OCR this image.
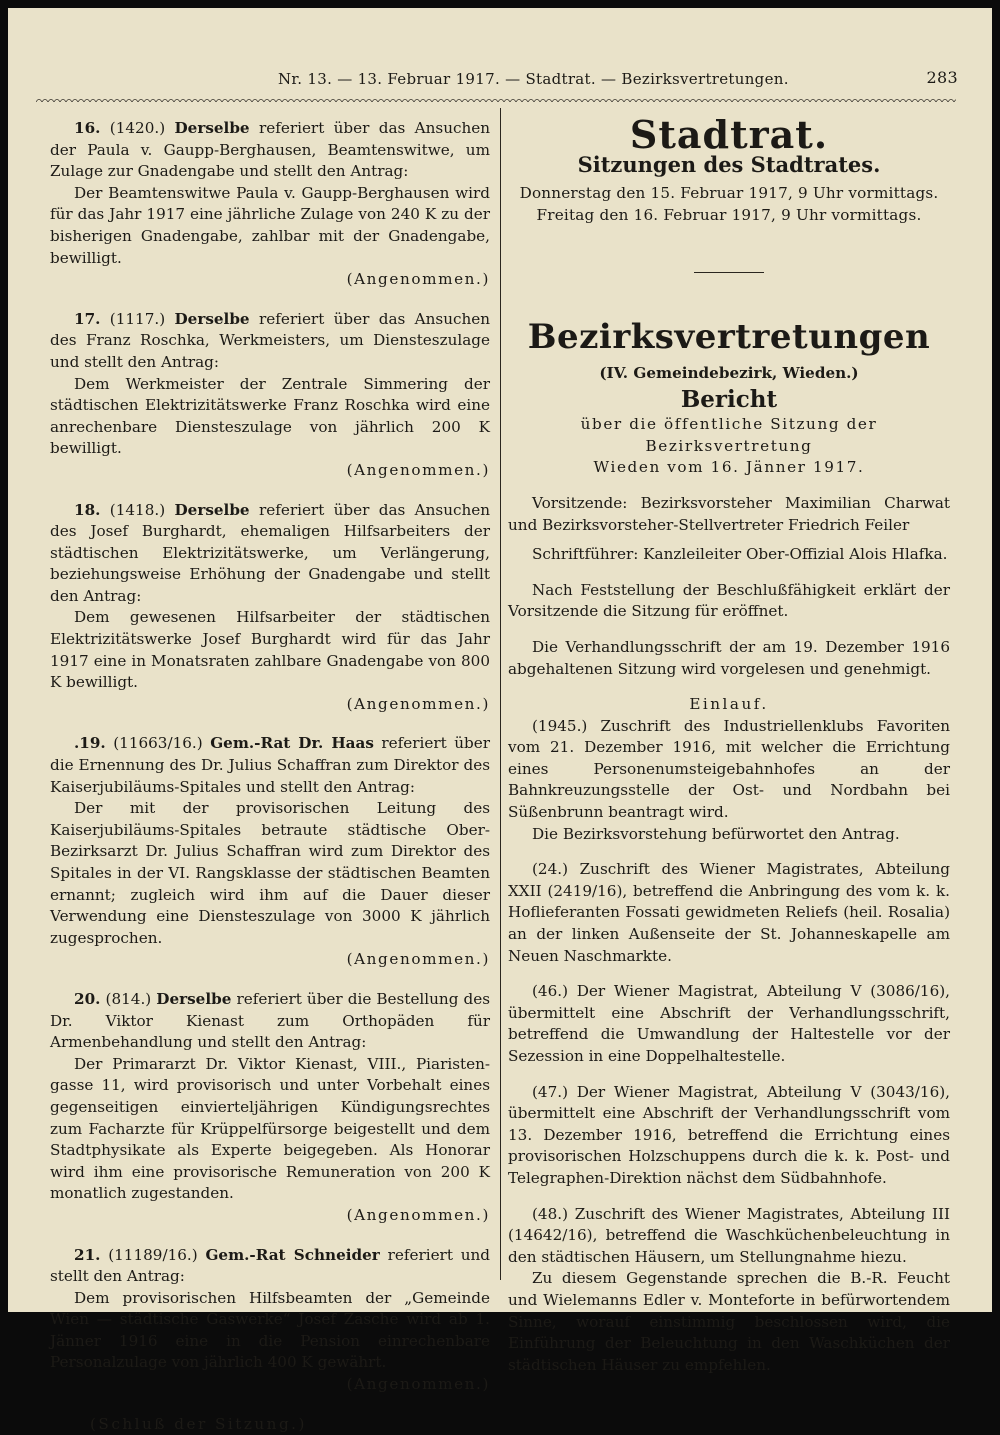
Nr. 13. — 13. Februar 1917. — Stadtrat. — Bezirksvertretungen.	283

16. (1420.) Derselbe referiert über das Ansuchen der Paula v. Gaupp-Berghausen, Beamtenswitwe, um Zulage zur Gnadengabe und stellt den Antrag:

Der Beamtenswitwe Paula v. Gaupp-Berghausen wird für das Jahr 1917 eine jährliche Zulage von 240 K zu der bisherigen Gnadengabe, zahlbar mit der Gnadengabe, bewilligt.

(Angenommen.)

17. (1117.) Derselbe referiert über das Ansuchen des Franz Roschka, Werkmeisters, um Diensteszulage und stellt den Antrag:

Dem Werkmeister der Zentrale Simmering der städtischen Elektrizitätswerke Franz Roschka wird eine anrechenbare Diensteszulage von jährlich 200 K bewilligt.

(Angenommen.)

18. (1418.) Derselbe referiert über das Ansuchen des Josef Burghardt, ehemaligen Hilfsarbeiters der städtischen Elektrizitätswerke, um Verlängerung, beziehungsweise Erhöhung der Gnadengabe und stellt den Antrag:

Dem gewesenen Hilfsarbeiter der städtischen Elektrizitätswerke Josef Burghardt wird für das Jahr 1917 eine in Monatsraten zahlbare Gnadengabe von 800 K bewilligt.

(Angenommen.)

.19. (11663/16.) Gem.-Rat Dr. Haas referiert über die Ernennung des Dr. Julius Schaffran zum Direktor des Kaiserjubiläums-Spitales und stellt den Antrag:

Der mit der provisorischen Leitung des Kaiserjubiläums-Spitales betraute städtische Ober-Bezirksarzt Dr. Julius Schaffran wird zum Direktor des Spitales in der VI. Rangsklasse der städtischen Beamten ernannt; zugleich wird ihm auf die Dauer dieser Verwendung eine Diensteszulage von 3000 K jährlich zugesprochen.

(Angenommen.)

20. (814.) Derselbe referiert über die Bestellung des Dr. Viktor Kienast zum Orthopäden für Armenbehandlung und stellt den Antrag:

Der Primararzt Dr. Viktor Kienast, VIII., Piaristengasse 11, wird provisorisch und unter Vorbehalt eines gegenseitigen einvierteljährigen Kündigungsrechtes zum Facharzte für Krüppelfürsorge beigestellt und dem Stadtphysikate als Experte beigegeben. Als Honorar wird ihm eine provisorische Remuneration von 200 K monatlich zugestanden.

(Angenommen.)

21. (11189/16.) Gem.-Rat Schneider referiert und stellt den Antrag:

Dem provisorischen Hilfsbeamten der „Gemeinde Wien — städtische Gaswerke“ Josef Zasche wird ab 1. Jänner 1916 eine in die Pension einrechenbare Personalzulage von jährlich 400 K gewährt.

(Angenommen.)

(Schluß der Sitzung.)

Stadtrat.
Sitzungen des Stadtrates.

Donnerstag den 15. Februar 1917, 9 Uhr vormittags.

Freitag den 16. Februar 1917, 9 Uhr vormittags.

Bezirksvertretungen

(IV. Gemeindebezirk, Wieden.)

Bericht

über die öffentliche Sitzung der Bezirksvertretung

Wieden vom 16. Jänner 1917.

Vorsitzende: Bezirksvorsteher Maximilian Charwat und Bezirksvorsteher-Stellvertreter Friedrich Feiler

Schriftführer: Kanzleileiter Ober-Offizial Alois Hlafka.

Nach Feststellung der Beschlußfähigkeit erklärt der Vorsitzende die Sitzung für eröffnet.

Die Verhandlungsschrift der am 19. Dezember 1916 abgehaltenen Sitzung wird vorgelesen und genehmigt.

Einlauf.

(1945.) Zuschrift des Industriellenklubs Favoriten vom 21. Dezember 1916, mit welcher die Errichtung eines Personenumsteigebahnhofes an der Bahnkreuzungsstelle der Ost- und Nordbahn bei Süßenbrunn beantragt wird.

Die Bezirksvorstehung befürwortet den Antrag.

(24.) Zuschrift des Wiener Magistrates, Abteilung XXII (2419/16), betreffend die Anbringung des vom k. k. Hoflieferanten Fossati gewidmeten Reliefs (heil. Rosalia) an der linken Außenseite der St. Johanneskapelle am Neuen Naschmarkte.

(46.) Der Wiener Magistrat, Abteilung V (3086/16), übermittelt eine Abschrift der Verhandlungsschrift, betreffend die Umwandlung der Haltestelle vor der Sezession in eine Doppelhaltestelle.

(47.) Der Wiener Magistrat, Abteilung V (3043/16), übermittelt eine Abschrift der Verhandlungsschrift vom 13. Dezember 1916, betreffend die Errichtung eines provisorischen Holzschuppens durch die k. k. Post- und Telegraphen-Direktion nächst dem Südbahnhofe.

(48.) Zuschrift des Wiener Magistrates, Abteilung III (14642/16), betreffend die Waschküchenbeleuchtung in den städtischen Häusern, um Stellungnahme hiezu.

Zu diesem Gegenstande sprechen die B.-R. Feucht und Wielemanns Edler v. Monteforte in befürwortendem Sinne, worauf einstimmig beschlossen wird, die Einführung der Beleuchtung in den Waschküchen der städtischen Häuser zu empfehlen.
